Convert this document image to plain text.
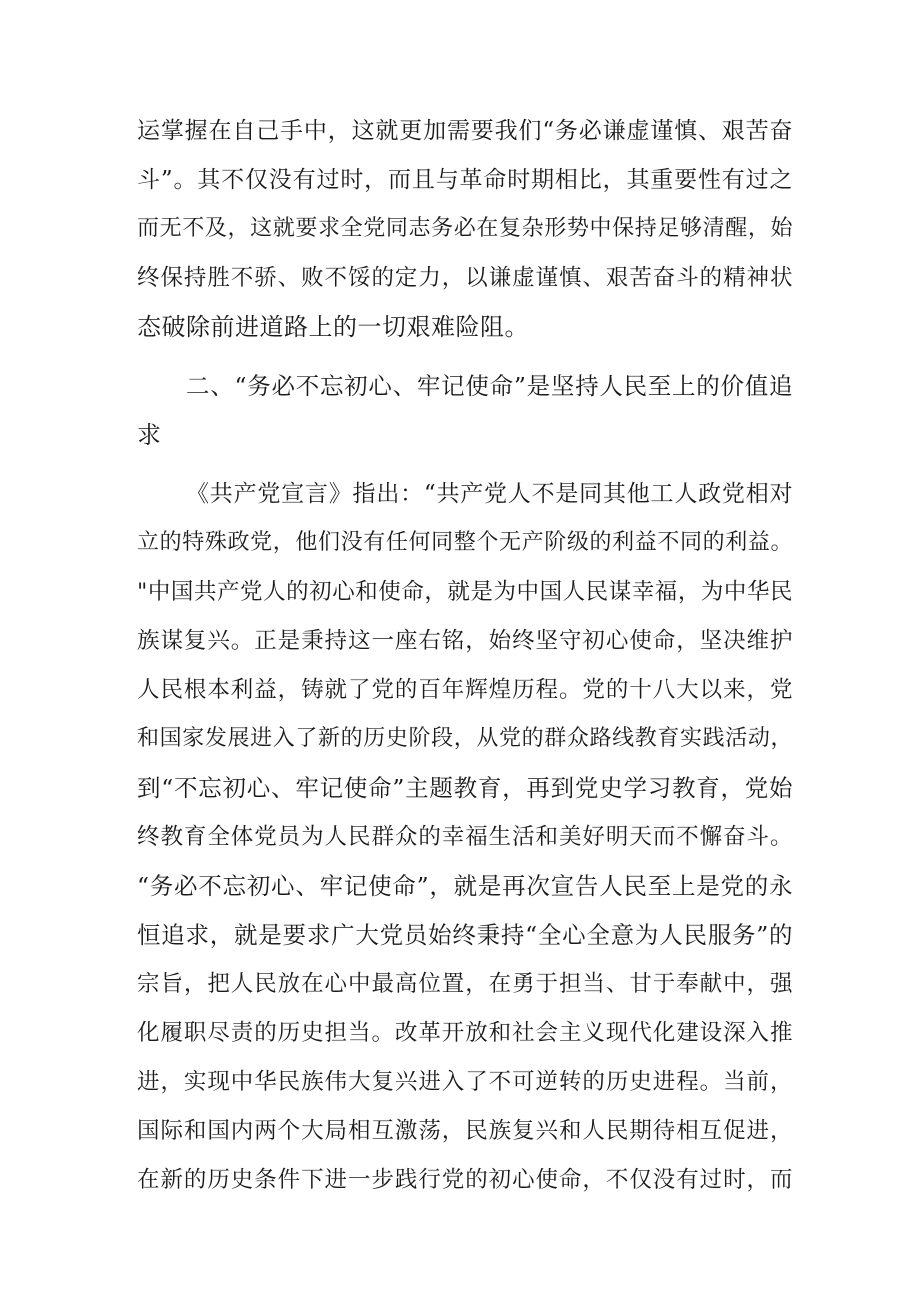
运掌握在自己手中，这就更加需要我们“务必谦虚谨慎、艰苦奋
斗”。其不仅没有过时，而且与革命时期相比，其重要性有过之
而无不及，这就要求全党同志务必在复杂形势中保持足够清醒，始
终保持胜不骄、败不馁的定力，以谦虚谨慎、艰苦奋斗的精神状
态破除前进道路上的一切艰难险阻。
二、“务必不忘初心、牢记使命”是坚持人民至上的价值追
求
《共产党宣言》指出：“共产党人不是同其他工人政党相对
立的特殊政党，他们没有任何同整个无产阶级的利益不同的利益。
"中国共产党人的初心和使命，就是为中国人民谋幸福，为中华民
族谋复兴。正是秉持这一座右铭，始终坚守初心使命，坚决维护
人民根本利益，铸就了党的百年辉煌历程。党的十八大以来，党
和国家发展进入了新的历史阶段，从党的群众路线教育实践活动，
到“不忘初心、牢记使命”主题教育，再到党史学习教育，党始
终教育全体党员为人民群众的幸福生活和美好明天而不懈奋斗。
“务必不忘初心、牢记使命”，就是再次宣告人民至上是党的永
恒追求，就是要求广大党员始终秉持“全心全意为人民服务”的
宗旨，把人民放在心中最高位置，在勇于担当、甘于奉献中，强
化履职尽责的历史担当。改革开放和社会主义现代化建设深入推
进，实现中华民族伟大复兴进入了不可逆转的历史进程。当前，
国际和国内两个大局相互激荡，民族复兴和人民期待相互促进，
在新的历史条件下进一步践行党的初心使命，不仅没有过时，而
